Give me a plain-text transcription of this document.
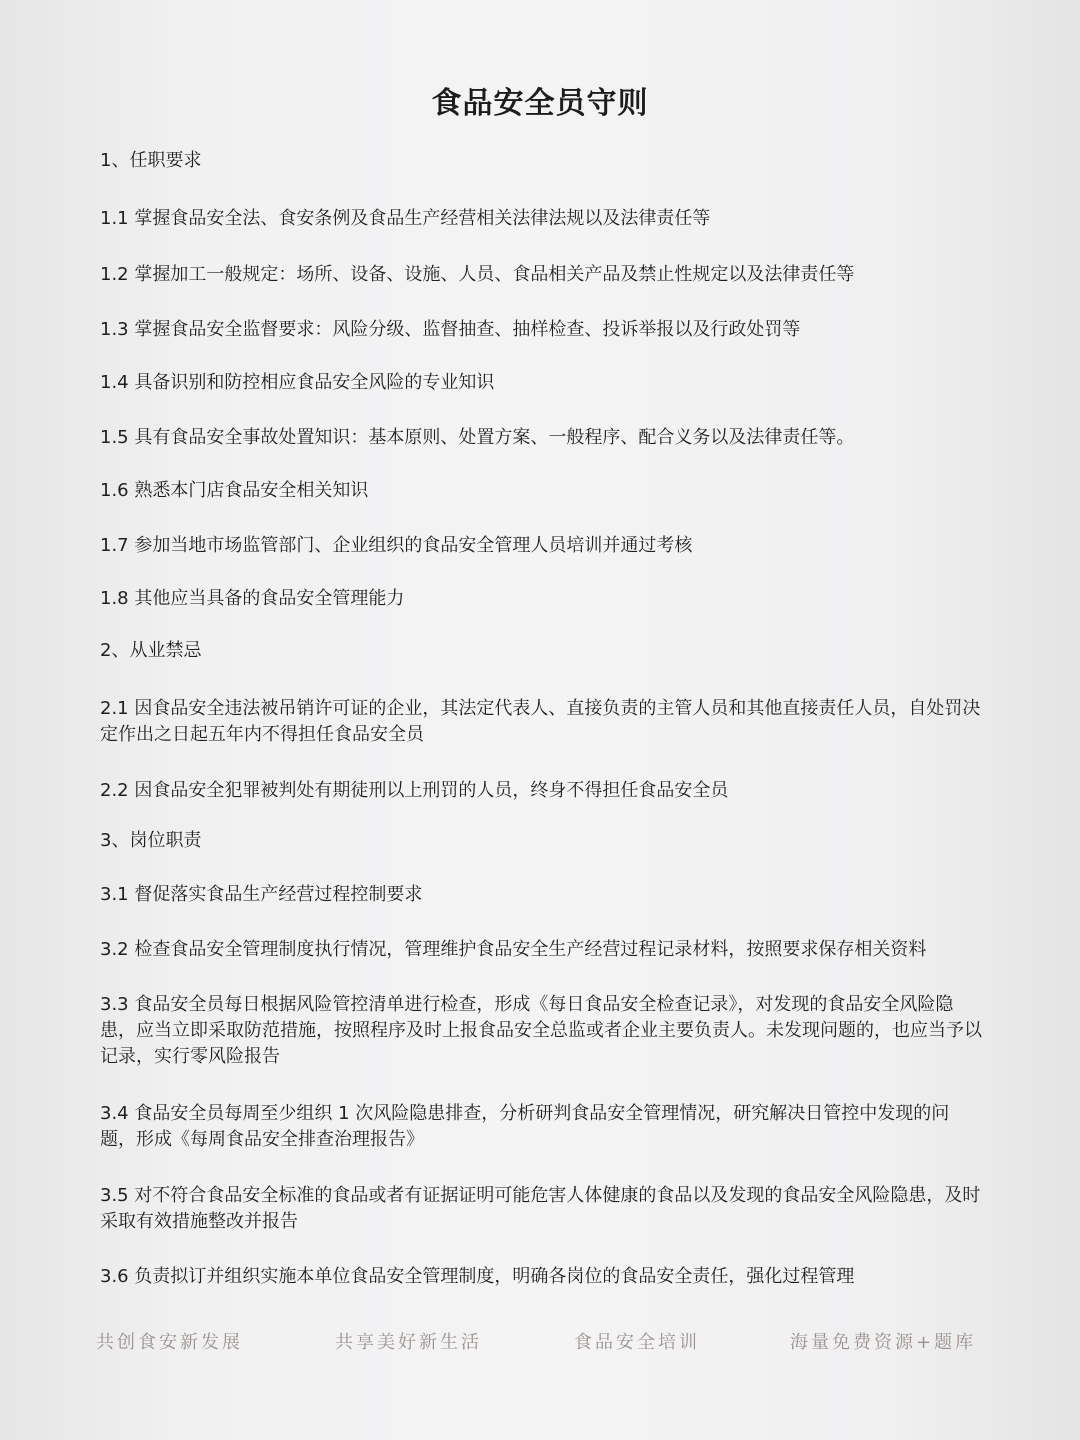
食品安全员守则
1、任职要求
1.1 掌握食品安全法、食安条例及食品生产经营相关法律法规以及法律责任等
1.2 掌握加工一般规定：场所、设备、设施、人员、食品相关产品及禁止性规定以及法律责任等
1.3 掌握食品安全监督要求：风险分级、监督抽查、抽样检查、投诉举报以及行政处罚等
1.4 具备识别和防控相应食品安全风险的专业知识
1.5 具有食品安全事故处置知识：基本原则、处置方案、一般程序、配合义务以及法律责任等。
1.6 熟悉本门店食品安全相关知识
1.7 参加当地市场监管部门、企业组织的食品安全管理人员培训并通过考核
1.8 其他应当具备的食品安全管理能力
2、从业禁忌
2.1 因食品安全违法被吊销许可证的企业，其法定代表人、直接负责的主管人员和其他直接责任人员，自处罚决定作出之日起五年内不得担任食品安全员
2.2 因食品安全犯罪被判处有期徒刑以上刑罚的人员，终身不得担任食品安全员
3、岗位职责
3.1 督促落实食品生产经营过程控制要求
3.2 检查食品安全管理制度执行情况，管理维护食品安全生产经营过程记录材料，按照要求保存相关资料
3.3 食品安全员每日根据风险管控清单进行检查，形成《每日食品安全检查记录》，对发现的食品安全风险隐患，应当立即采取防范措施，按照程序及时上报食品安全总监或者企业主要负责人。未发现问题的，也应当予以记录，实行零风险报告
3.4 食品安全员每周至少组织 1 次风险隐患排查，分析研判食品安全管理情况，研究解决日管控中发现的问题，形成《每周食品安全排查治理报告》
3.5 对不符合食品安全标准的食品或者有证据证明可能危害人体健康的食品以及发现的食品安全风险隐患，及时采取有效措施整改并报告
3.6 负责拟订并组织实施本单位食品安全管理制度，明确各岗位的食品安全责任，强化过程管理
共创食安新发展	共享美好新生活	食品安全培训	海量免费资源+题库
